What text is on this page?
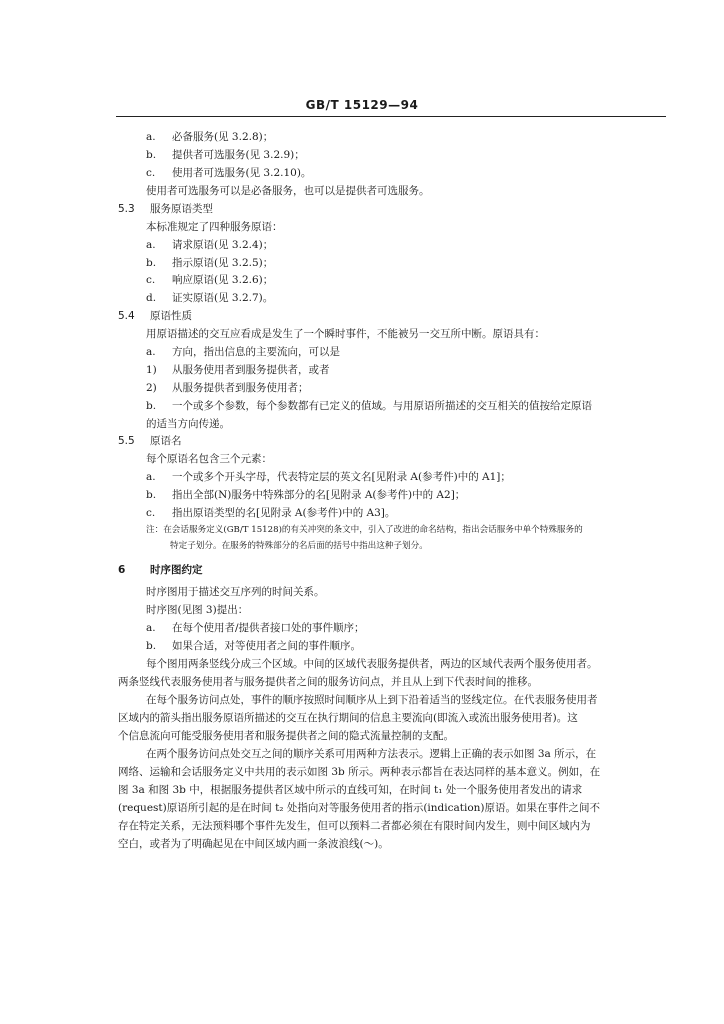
GB/T 15129—94
a. 必备服务(见 3.2.8)；
b. 提供者可选服务(见 3.2.9)；
c. 使用者可选服务(见 3.2.10)。
使用者可选服务可以是必备服务，也可以是提供者可选服务。
5.3 服务原语类型
本标准规定了四种服务原语：
a. 请求原语(见 3.2.4)；
b. 指示原语(见 3.2.5)；
c. 响应原语(见 3.2.6)；
d. 证实原语(见 3.2.7)。
5.4 原语性质
用原语描述的交互应看成是发生了一个瞬时事件，不能被另一交互所中断。原语具有：
a. 方向，指出信息的主要流向，可以是
1) 从服务使用者到服务提供者，或者
2) 从服务提供者到服务使用者；
b. 一个或多个参数，每个参数都有已定义的值域。与用原语所描述的交互相关的值按给定原语
的适当方向传递。
5.5 原语名
每个原语名包含三个元素：
a. 一个或多个开头字母，代表特定层的英文名[见附录 A(参考件)中的 A1]；
b. 指出全部(N)服务中特殊部分的名[见附录 A(参考件)中的 A2]；
c. 指出原语类型的名[见附录 A(参考件)中的 A3]。
注：在会话服务定义(GB/T 15128)的有关冲突的条文中，引入了改进的命名结构，指出会话服务中单个特殊服务的
特定子划分。在服务的特殊部分的名后面的括号中指出这种子划分。
6 时序图约定
时序图用于描述交互序列的时间关系。
时序图(见图 3)提出：
a. 在每个使用者/提供者接口处的事件顺序；
b. 如果合适，对等使用者之间的事件顺序。
每个图用两条竖线分成三个区域。中间的区域代表服务提供者，两边的区域代表两个服务使用者。
两条竖线代表服务使用者与服务提供者之间的服务访问点，并且从上到下代表时间的推移。
在每个服务访问点处，事件的顺序按照时间顺序从上到下沿着适当的竖线定位。在代表服务使用者
区域内的箭头指出服务原语所描述的交互在执行期间的信息主要流向(即流入或流出服务使用者)。这
个信息流向可能受服务使用者和服务提供者之间的隐式流量控制的支配。
在两个服务访问点处交互之间的顺序关系可用两种方法表示。逻辑上正确的表示如图 3a 所示，在
网络、运输和会话服务定义中共用的表示如图 3b 所示。两种表示都旨在表达同样的基本意义。例如，在
图 3a 和图 3b 中，根据服务提供者区域中所示的直线可知，在时间 t₁ 处一个服务使用者发出的请求
(request)原语所引起的是在时间 t₂ 处指向对等服务使用者的指示(indication)原语。如果在事件之间不
存在特定关系，无法预料哪个事件先发生，但可以预料二者都必须在有限时间内发生，则中间区域内为
空白，或者为了明确起见在中间区域内画一条波浪线(～)。
